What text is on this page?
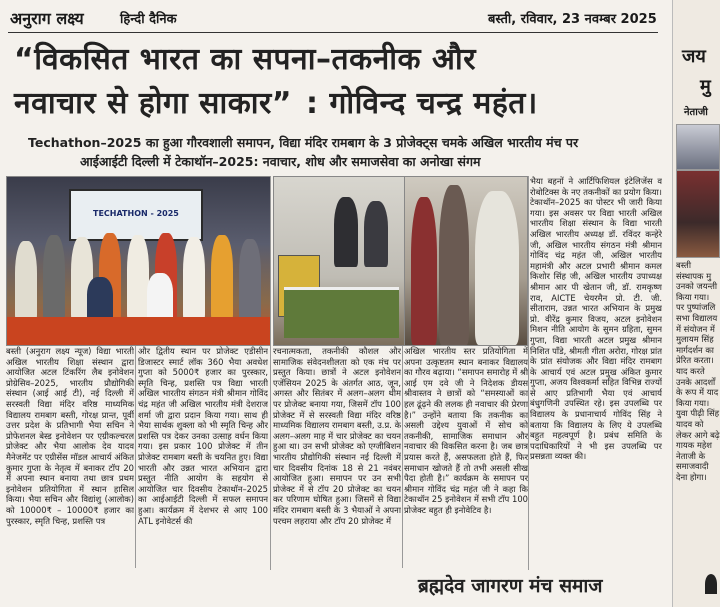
अनुराग लक्ष्य	हिन्दी दैनिक	बस्ती, रविवार, 23 नवम्बर 2025
“विकसित भारत का सपना–तकनीक और
नवाचार से होगा साकार” : गोविन्द चन्द्र महंत।
Techathon–2025 का हुआ गौरवशाली समापन, विद्या मंदिर रामबाग के 3 प्रोजेक्ट्स चमके अखिल भारतीय मंच पर
आईआईटी दिल्ली में टेकाथॉन–2025: नवाचार, शोध और समाजसेवा का अनोखा संगम
TECHATHON - 2025
बस्ती (अनुराग लक्ष्य न्यूज) विद्या भारती अखिल भारतीय शिक्षा संस्थान द्वारा आयोजित अटल टिंकरिंग लैब इनोवेशन प्रोग्रेसिव–2025, भारतीय प्रौद्योगिकी संस्थान (आई आई टी), नई दिल्ली में सरस्वती विद्या मंदिर वरिष्ठ माध्यमिक विद्यालय रामबाग बस्ती, गोरक्ष प्रान्त, पूर्वी उत्तर प्रदेश के प्रतिभागी भैया सचिन ने प्रोफेशनल बेस्ड इनोवेशन पर एग्रीकल्चरल प्रोजेक्ट और भैया आलोक देव यादव मैनेजमेंट पर एग्रीसेंस मॉडल आचार्य अंकित कुमार गुप्ता के नेतृत्व में बनाकर टॉप 20 में अपना स्थान बनाया तथा छात्र प्रथम इनोवेशन प्रतियोगिता में स्थान हासिल किया। भैया सचिन और विद्यांशु (आलोक) को 10000₹ – 10000₹ हजार का पुरस्कार, स्मृति चिन्ह, प्रशस्ति पत्र
और द्वितीय स्थान पर प्रोजेक्ट एडीसीन डिजास्टर स्मार्ट लॉक 360 भैया अवधेश गुप्ता को 5000₹ हजार का पुरस्कार, स्मृति चिन्ह, प्रशस्ति पत्र विद्या भारती अखिल भारतीय संगठन मंत्री श्रीमान गोविंद चंद्र महंत जी अखिल भारतीय मंत्री देशराज शर्मा जी द्वारा प्रदान किया गया। साथ ही भैया सार्थक शुक्ला को भी स्मृति चिन्ह और प्रशस्ति पत्र देकर उनका उत्साह वर्धन किया गया। इस प्रकार 100 प्रोजेक्ट में तीन प्रोजेक्ट रामबाग बस्ती के चयनित हुए। विद्या भारती और उन्नत भारत अभियान द्वारा प्रस्तुत नीति आयोग के सहयोग से आयोजित चार दिवसीय टेकाथॉन–2025 का आईआईटी दिल्ली में सफल समापन हुआ। कार्यक्रम में देशभर से आए 100 ATL इनोवेटर्स की
रचनात्मकता, तकनीकी कौशल और सामाजिक संवेदनशीलता को एक मंच पर प्रस्तुत किया। छात्रों ने अटल इनोवेशन एजेंसियन 2025 के अंतर्गत आठ, जून, अगस्त और सितंबर में अलग–अलग थीम पर प्रोजेक्ट बनाया गया, जिसमें टॉप 100 प्रोजेक्ट में से सरस्वती विद्या मंदिर वरिष्ठ माध्यमिक विद्यालय रामबाग बस्ती, उ.प्र. के अलग–अलग माह में चार प्रोजेक्ट का चयन हुआ था। उन सभी प्रोजेक्ट को एग्जीबिशन भारतीय प्रौद्योगिकी संस्थान नई दिल्ली में चार दिवसीय दिनांक 18 से 21 नवंबर आयोजित हुआ। समापन पर उन सभी प्रोजेक्ट में से टॉप 20 प्रोजेक्ट का चयन कर परिणाम घोषित हुआ। जिसमें से विद्या मंदिर रामबाग बस्ती के 3 भैयाओं ने अपना परचम लहराया और टॉप 20 प्रोजेक्ट में
अखिल भारतीय स्तर प्रतियोगिता में अपना उत्कृष्टतम स्थान बनाकर विद्यालय का गौरव बढ़ाया। “समापन समारोह में श्री आई एम दवे जी ने निदेशक डीयस श्रीवास्तव ने छात्रों को “समस्याओं का हल ढूंढ़ने की ललक ही नवाचार की प्रेरणा है।” उन्होंने बताया कि तकनीक का असली उद्देश्य युवाओं में सोच को तकनीकी, सामाजिक समाधान और नवाचार की विकसित करना है। जब छात्र प्रयास करते हैं, असफलता होते हैं, फिर समाधान खोजते हैं तो तभी असली सीख पैदा होती है।” कार्यक्रम के समापन पर श्रीमान गोविंद चंद्र महंत जी ने कहा कि टेकाथॉन 25 इनोवेशन में सभी टॉप 100 प्रोजेक्ट बहुत ही इनोवेटिव है।
भैया बहनों ने आर्टिफिशियल इंटेलिजेंस व रोबोटिक्स के नए तकनीकों का प्रयोग किया। टेकाथॉन–2025 का पोस्टर भी जारी किया गया। इस अवसर पर विद्या भारती अखिल भारतीय शिक्षा संस्थान के विद्या भारती अखिल भारतीय अध्यक्ष डॉ. रविंदर कन्हेरे जी, अखिल भारतीय संगठन मंत्री श्रीमान गोविंद चंद्र महंत जी, अखिल भारतीय महामंत्री और अटल प्रभारी श्रीमान कमल किशोर सिंह जी, अखिल भारतीय उपाध्यक्ष श्रीमान आर पी खेतान जी, डॉ. रामकृष्ण राव, AICTE चेयरमैन प्रो. टी. जी. सीताराम, उन्नत भारत अभियान के प्रमुख प्रो. वीरेंद्र कुमार विजय, अटल इनोवेशन मिशन नीति आयोग के सुमन ग्रहिता, सुमन गुप्ता, विद्या भारती अटल प्रमुख श्रीमान निशित पाँडे, श्रीमती गीता अरोरा, गोरक्ष प्रांत के प्रांत संयोजक और विद्या मंदिर रामबाग के आचार्य एवं अटल प्रमुख अंकित कुमार गुप्ता, अजय विश्वकर्मा सहित विभिन्न राज्यों से आए प्रतिभागी भैया एवं आचार्य बंधुगणिनी उपस्थित रहे। इस उपलब्धि पर विद्यालय के प्रधानाचार्य गोविंद सिंह ने बताया कि विद्यालय के लिए ये उपलब्धि बहुत महत्वपूर्ण है। प्रबंध समिति के पदाधिकारियों ने भी इस उपलब्धि पर प्रसन्नता व्यक्त की।
ब्रह्मदेव जागरण मंच समाज
जय
मु
नेताजी
बस्ती संस्थापक मु उनको जयन्ती किया गया। पर पुष्पांजलि सभा विद्यालय में संयोजन में मुलायम सिंह मार्गदर्शन का प्रेरित करता। याद करते उनके आदर्शों के रूप में याद किया गया। युवा पीढ़ी सिंह यादव को लेकर आगे बढ़े गायक महेश नेताजी के समाजवादी देना होगा।
